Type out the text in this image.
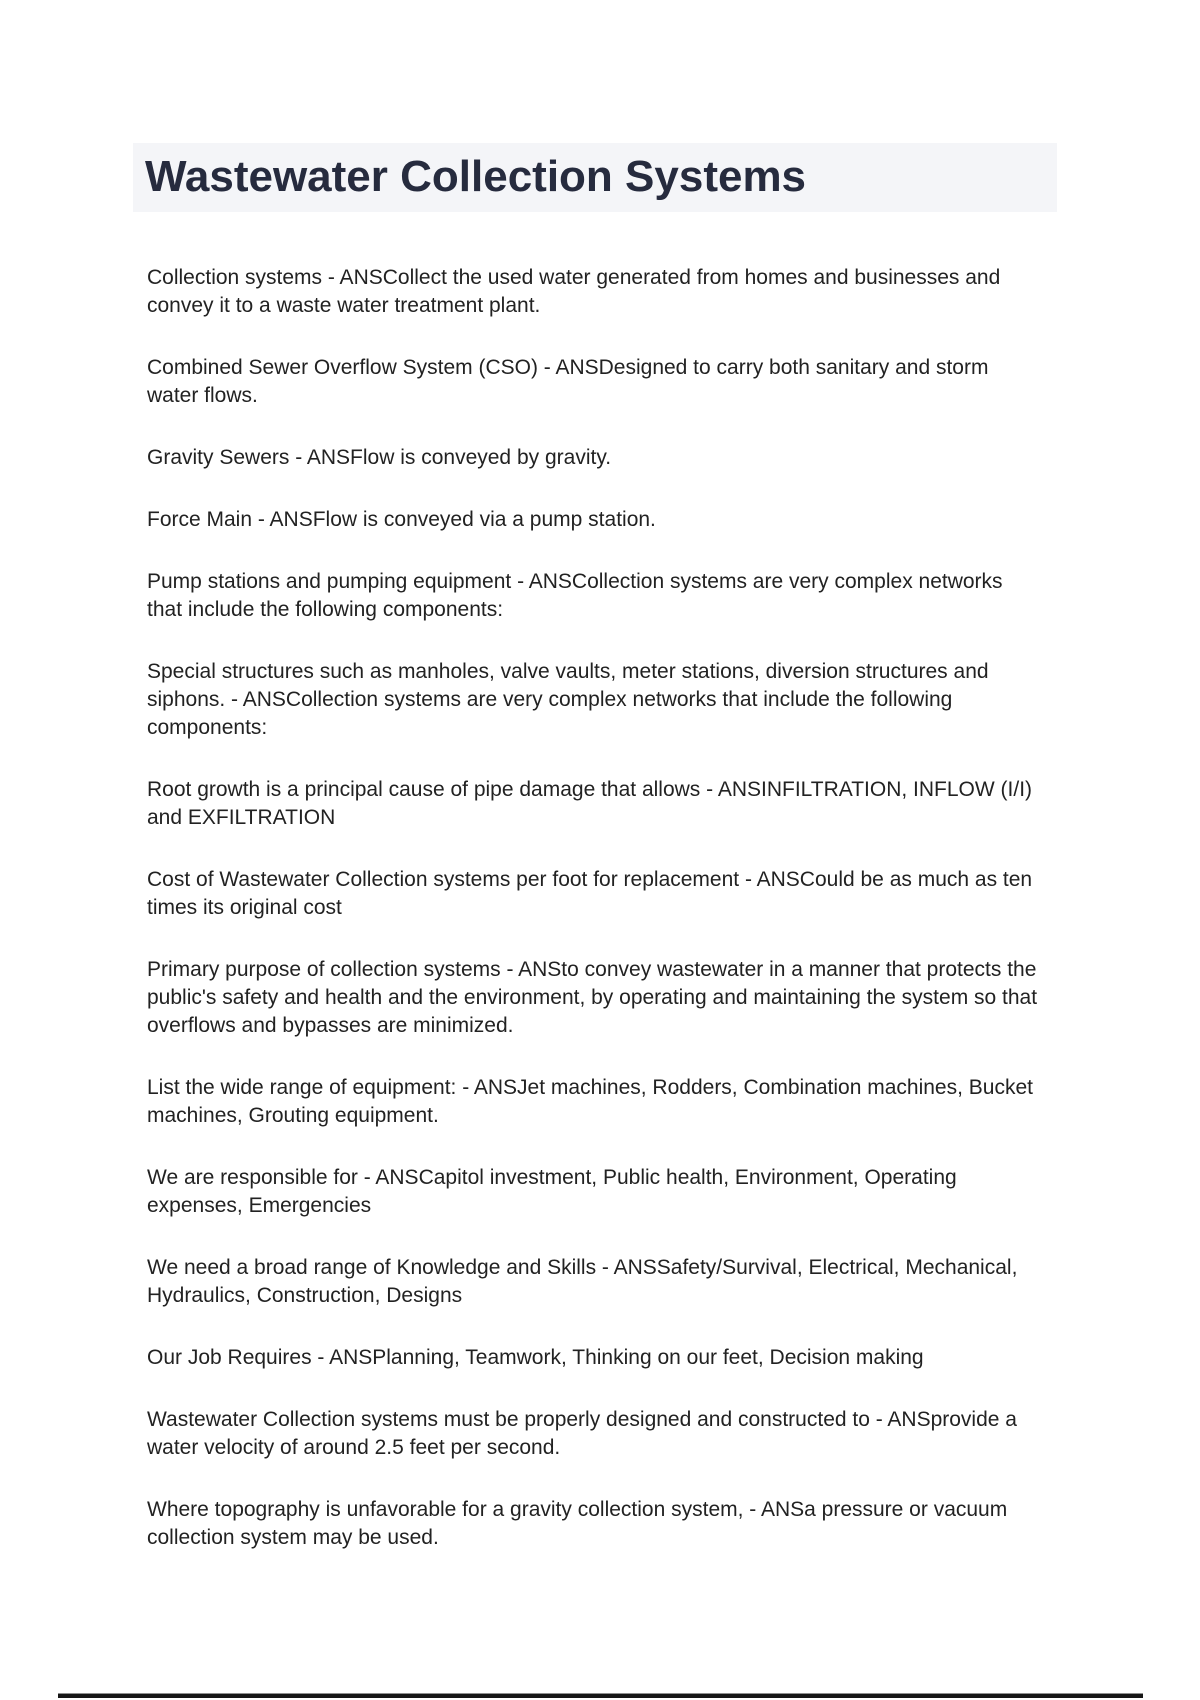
Wastewater Collection Systems

Collection systems - ANSCollect the used water generated from homes and businesses and convey it to a waste water treatment plant.

Combined Sewer Overflow System (CSO) - ANSDesigned to carry both sanitary and storm water flows.

Gravity Sewers - ANSFlow is conveyed by gravity.

Force Main - ANSFlow is conveyed via a pump station.

Pump stations and pumping equipment - ANSCollection systems are very complex networks that include the following components:

Special structures such as manholes, valve vaults, meter stations, diversion structures and siphons. - ANSCollection systems are very complex networks that include the following components:

Root growth is a principal cause of pipe damage that allows - ANSINFILTRATION, INFLOW (I/I) and EXFILTRATION

Cost of Wastewater Collection systems per foot for replacement - ANSCould be as much as ten times its original cost

Primary purpose of collection systems - ANSto convey wastewater in a manner that protects the public's safety and health and the environment, by operating and maintaining the system so that overflows and bypasses are minimized.

List the wide range of equipment: - ANSJet machines, Rodders, Combination machines, Bucket machines, Grouting equipment.

We are responsible for - ANSCapitol investment, Public health, Environment, Operating expenses, Emergencies

We need a broad range of Knowledge and Skills - ANSSafety/Survival, Electrical, Mechanical, Hydraulics, Construction, Designs

Our Job Requires - ANSPlanning, Teamwork, Thinking on our feet, Decision making

Wastewater Collection systems must be properly designed and constructed to - ANSprovide a water velocity of around 2.5 feet per second.

Where topography is unfavorable for a gravity collection system, - ANSa pressure or vacuum collection system may be used.
